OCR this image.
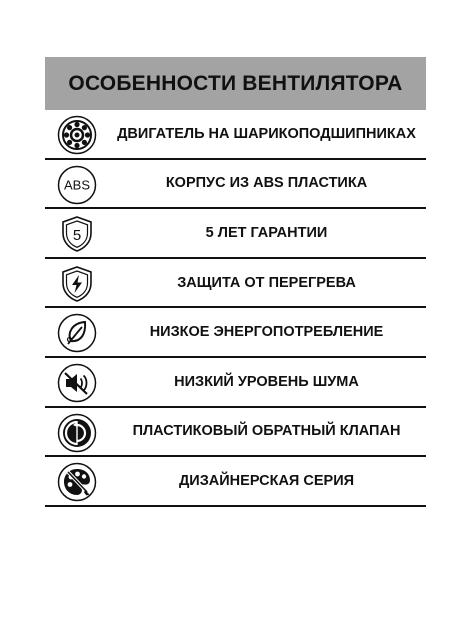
ОСОБЕННОСТИ ВЕНТИЛЯТОРА
ДВИГАТЕЛЬ НА ШАРИКОПОДШИПНИКАХ
ABS	КОРПУС ИЗ ABS ПЛАСТИКА
5	5 ЛЕТ ГАРАНТИИ
ЗАЩИТА ОТ ПЕРЕГРЕВА
НИЗКОЕ ЭНЕРГОПОТРЕБЛЕНИЕ
НИЗКИЙ УРОВЕНЬ ШУМА
ПЛАСТИКОВЫЙ ОБРАТНЫЙ КЛАПАН
ДИЗАЙНЕРСКАЯ СЕРИЯ
